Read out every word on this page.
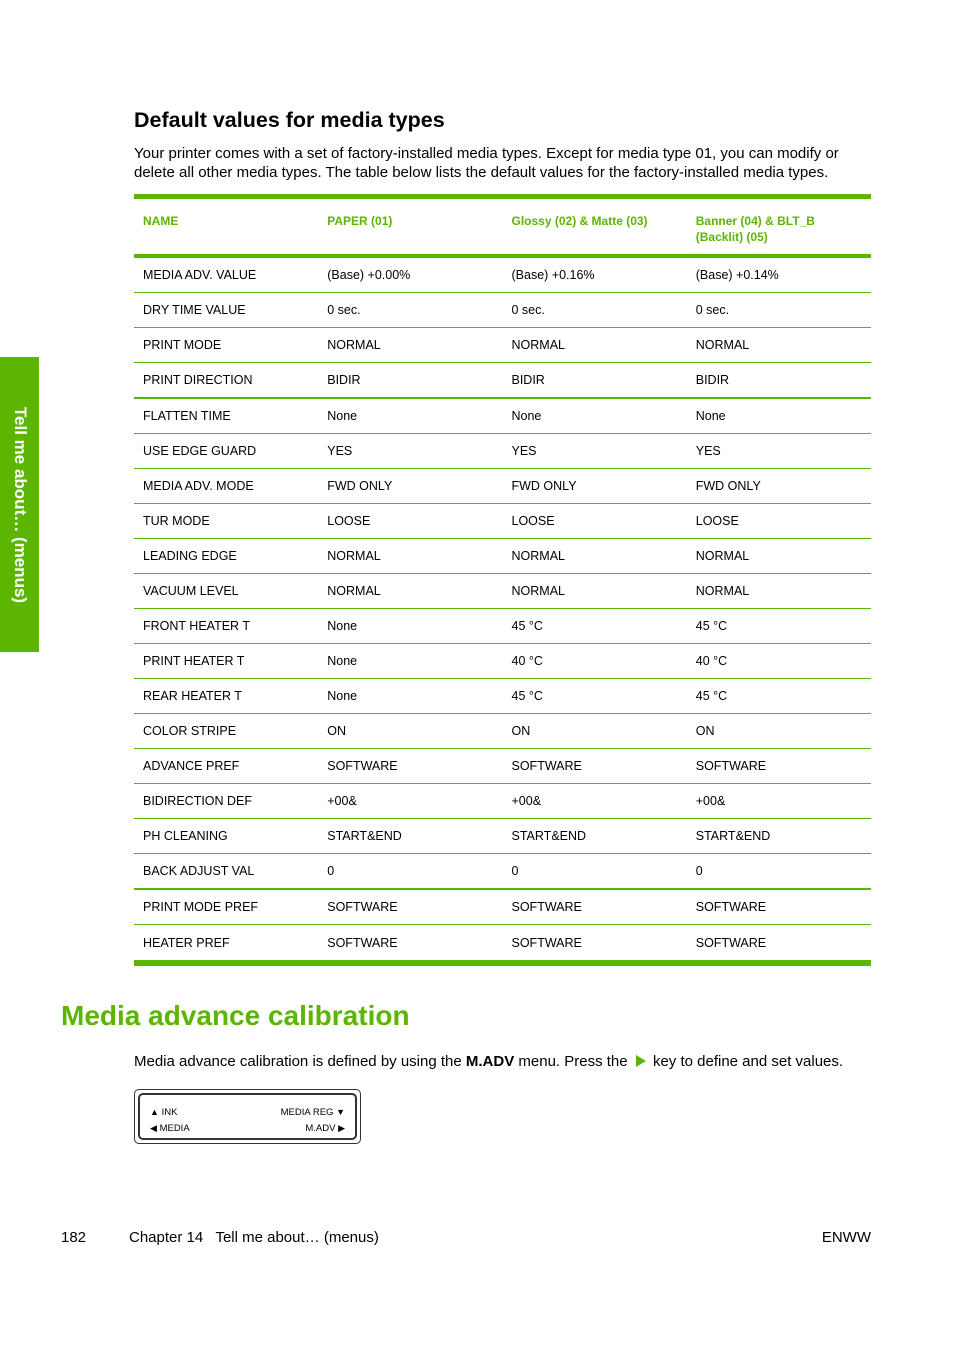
Tell me about… (menus)
Default values for media types

Your printer comes with a set of factory-installed media types. Except for media type 01, you can modify or delete all other media types. The table below lists the default values for the factory-installed media types.

NAME	PAPER (01)	Glossy (02) & Matte (03)	Banner (04) & BLT_B (Backlit) (05)
MEDIA ADV. VALUE	(Base) +0.00%	(Base) +0.16%	(Base) +0.14%
DRY TIME VALUE	0 sec.	0 sec.	0 sec.
PRINT MODE	NORMAL	NORMAL	NORMAL
PRINT DIRECTION	BIDIR	BIDIR	BIDIR
FLATTEN TIME	None	None	None
USE EDGE GUARD	YES	YES	YES
MEDIA ADV. MODE	FWD ONLY	FWD ONLY	FWD ONLY
TUR MODE	LOOSE	LOOSE	LOOSE
LEADING EDGE	NORMAL	NORMAL	NORMAL
VACUUM LEVEL	NORMAL	NORMAL	NORMAL
FRONT HEATER T	None	45 °C	45 °C
PRINT HEATER T	None	40 °C	40 °C
REAR HEATER T	None	45 °C	45 °C
COLOR STRIPE	ON	ON	ON
ADVANCE PREF	SOFTWARE	SOFTWARE	SOFTWARE
BIDIRECTION DEF	+00&	+00&	+00&
PH CLEANING	START&END	START&END	START&END
BACK ADJUST VAL	0	0	0
PRINT MODE PREF	SOFTWARE	SOFTWARE	SOFTWARE
HEATER PREF	SOFTWARE	SOFTWARE	SOFTWARE
Media advance calibration

Media advance calibration is defined by using the M.ADV menu. Press the  key to define and set values.

▲ INK	MEDIA REG ▼
◀ MEDIA	M.ADV ▶
182	Chapter 14   Tell me about… (menus)	ENWW
